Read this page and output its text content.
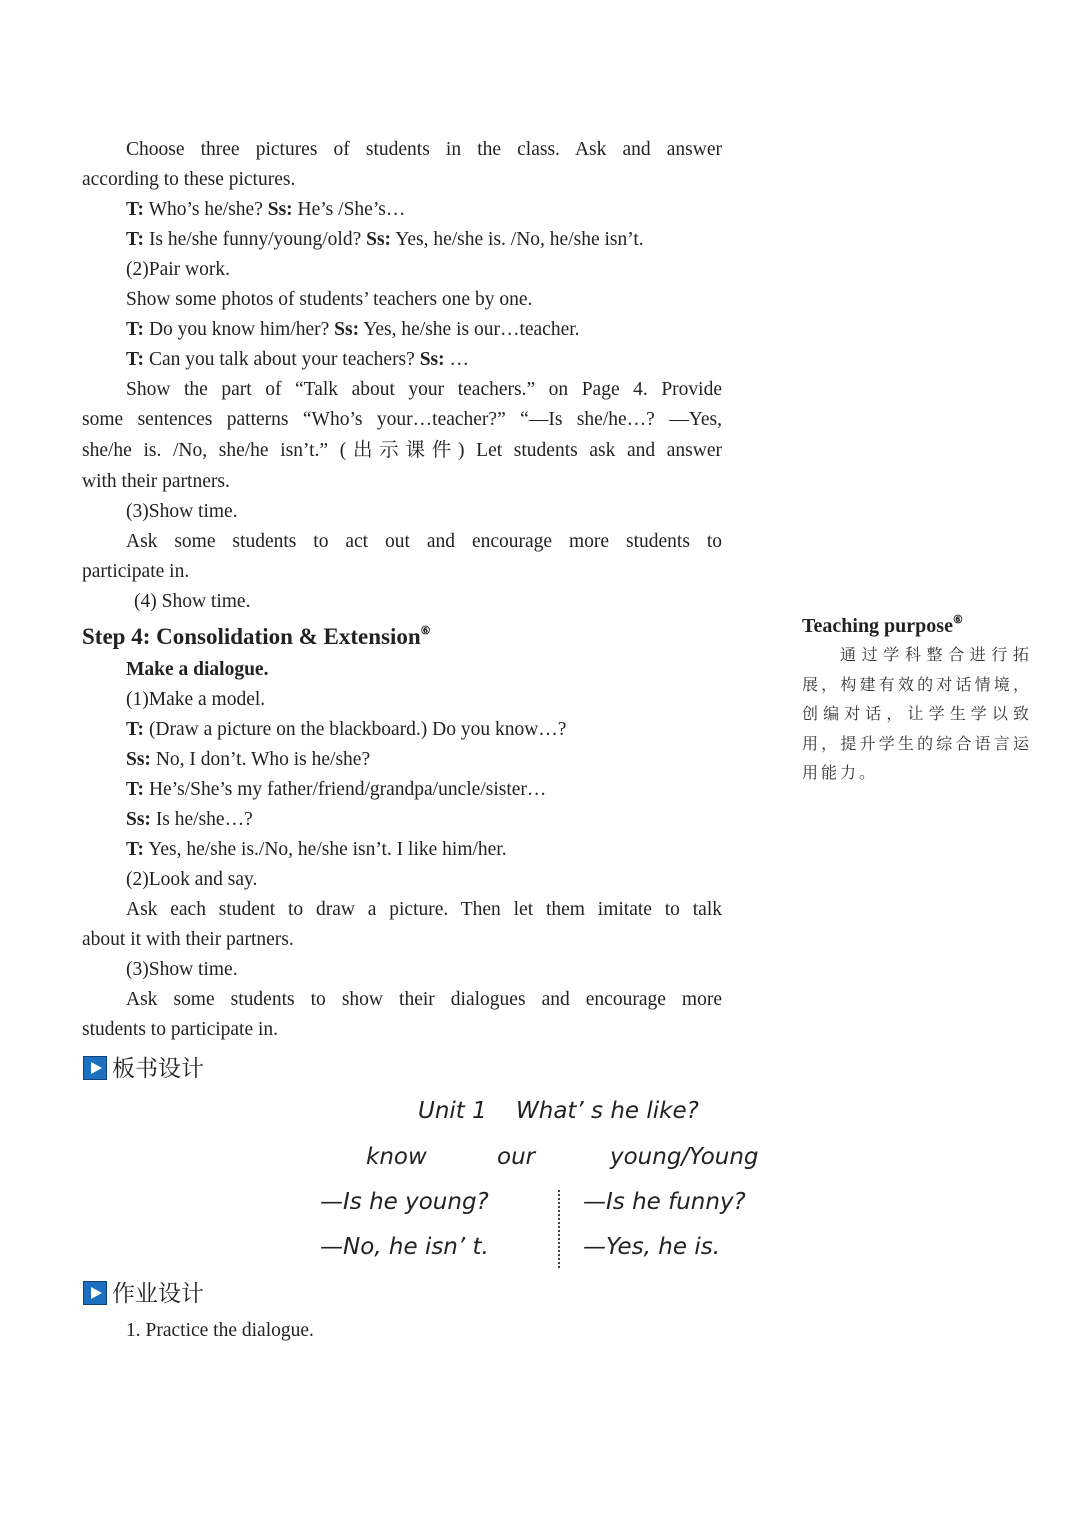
Choose three pictures of students in the class. Ask and answer
according to these pictures.
T: Who’s he/she? Ss: He’s /She’s…
T: Is he/she funny/young/old? Ss: Yes, he/she is. /No, he/she isn’t.
(2)Pair work.
Show some photos of students’ teachers one by one.
T: Do you know him/her? Ss: Yes, he/she is our…teacher.
T: Can you talk about your teachers? Ss: …
Show the part of “Talk about your teachers.” on Page 4. Provide
some sentences patterns “Who’s your…teacher?” “—Is she/he…? —Yes,
she/he is. /No, she/he isn’t.” (出示课件) Let students ask and answer
with their partners.
(3)Show time.
Ask some students to act out and encourage more students to
participate in.
(4) Show time.
Step 4: Consolidation & Extension⑥
Make a dialogue.
(1)Make a model.
T: (Draw a picture on the blackboard.) Do you know…?
Ss: No, I don’t. Who is he/she?
T: He’s/She’s my father/friend/grandpa/uncle/sister…
Ss: Is he/she…?
T: Yes, he/she is./No, he/she isn’t. I like him/her.
(2)Look and say.
Ask each student to draw a picture. Then let them imitate to talk
about it with their partners.
(3)Show time.
Ask some students to show their dialogues and encourage more
students to participate in.
Teaching purpose⑥
通过学科整合进行拓展，构建有效的对话情境，创编对话，让学生学以致用，提升学生的综合语言运用能力。
板书设计
Unit 1 What’ s he like?
know	our	young/Young
—Is he young?
—No, he isn’ t.
—Is he funny?
—Yes, he is.
作业设计
1. Practice the dialogue.
